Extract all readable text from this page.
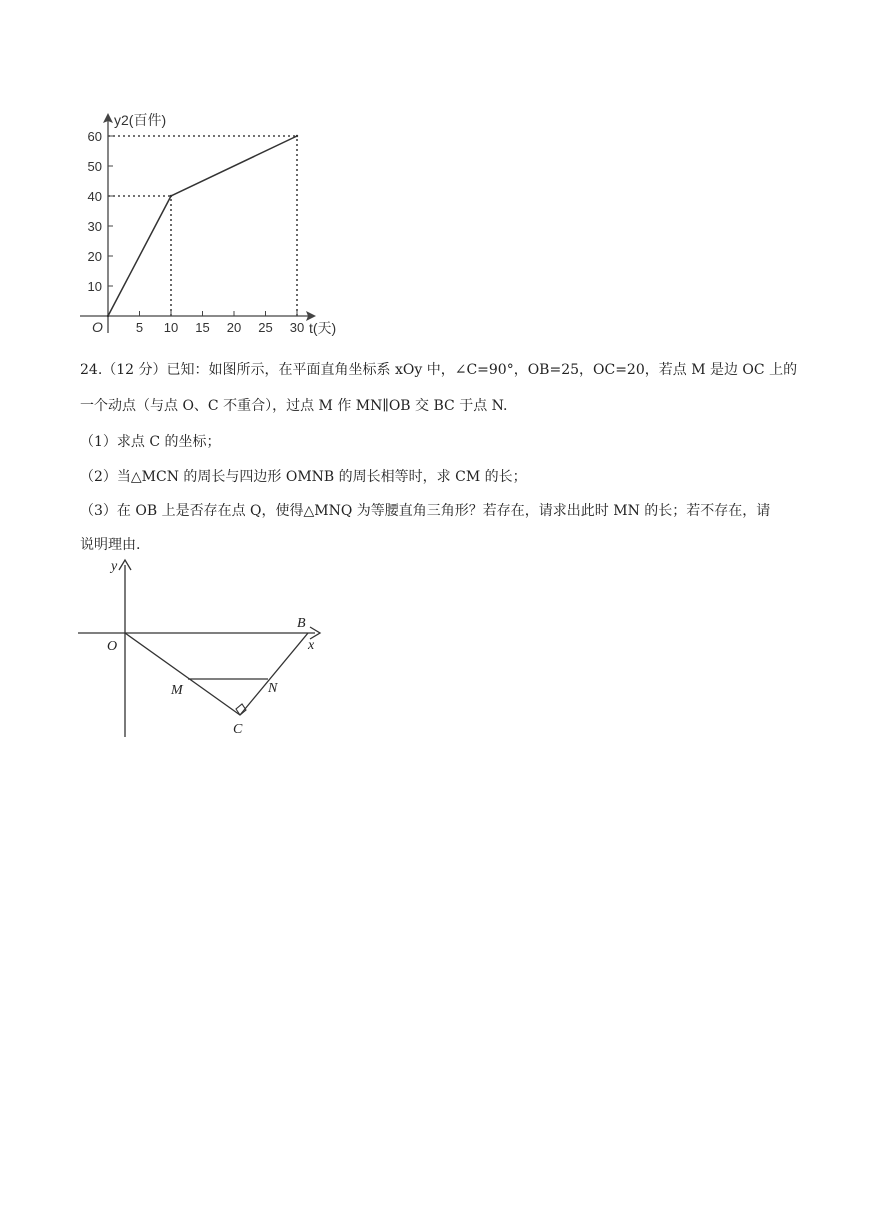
5 10 15 20 25 30
10
20
30
40
50
60
y2(百件)
t(天)
O
24.（12 分）已知：如图所示，在平面直角坐标系 xOy 中，∠C=90°，OB=25，OC=20，若点 M 是边 OC 上的
一个动点（与点 O、C 不重合），过点 M 作 MN∥OB 交 BC 于点 N.
（1）求点 C 的坐标；
（2）当△MCN 的周长与四边形 OMNB 的周长相等时，求 CM 的长；
（3）在 OB 上是否存在点 Q，使得△MNQ 为等腰直角三角形？若存在，请求出此时 MN 的长；若不存在，请
说明理由.
y
x
O
B
M	N
C
